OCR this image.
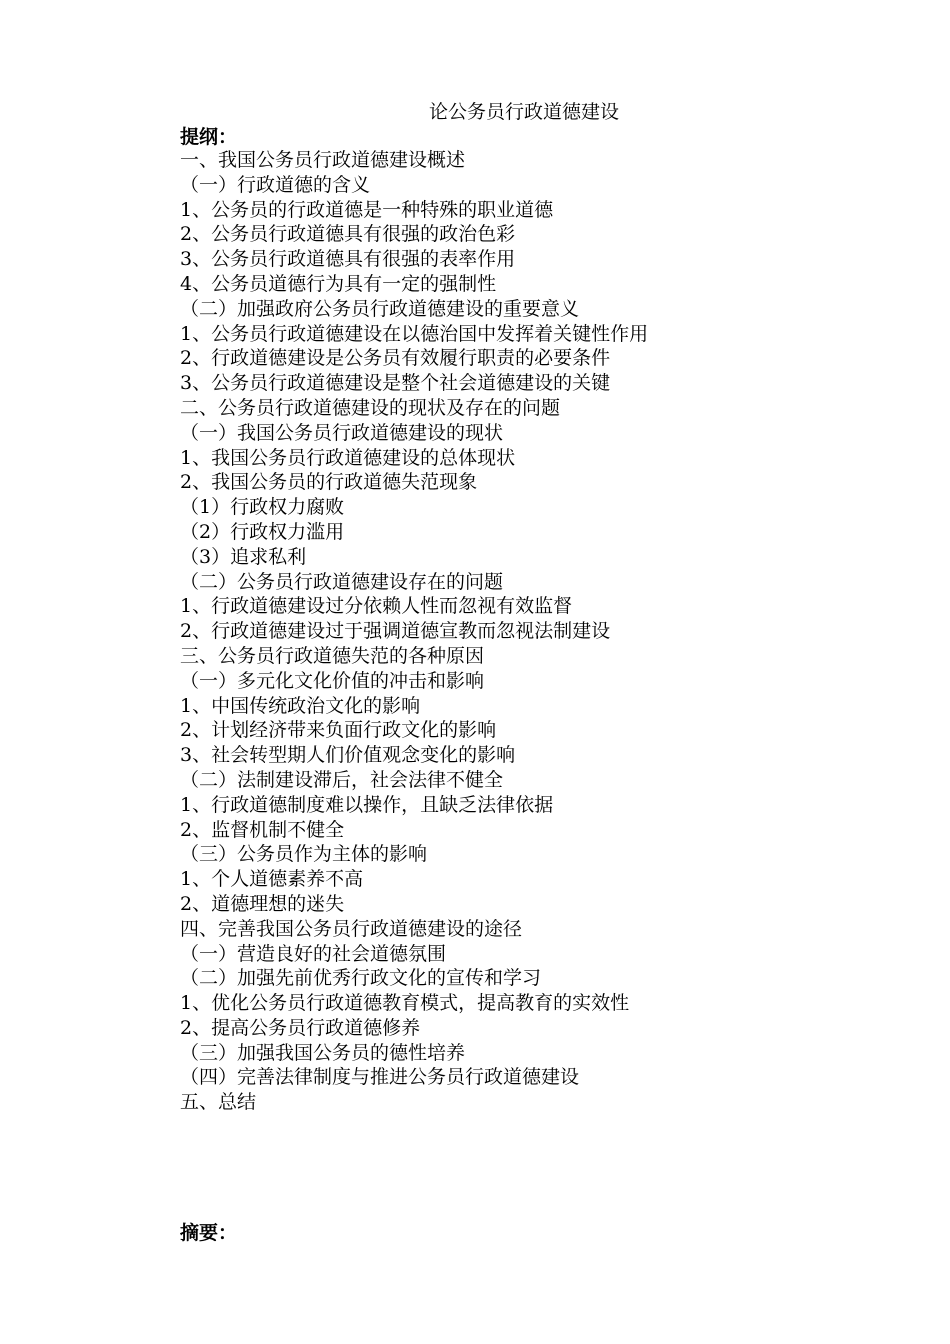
论公务员行政道德建设
提纲：
一、我国公务员行政道德建设概述
（一）行政道德的含义
1、公务员的行政道德是一种特殊的职业道德
2、公务员行政道德具有很强的政治色彩
3、公务员行政道德具有很强的表率作用
4、公务员道德行为具有一定的强制性
（二）加强政府公务员行政道德建设的重要意义
1、公务员行政道德建设在以德治国中发挥着关键性作用
2、行政道德建设是公务员有效履行职责的必要条件
3、公务员行政道德建设是整个社会道德建设的关键
二、公务员行政道德建设的现状及存在的问题
（一）我国公务员行政道德建设的现状
1、我国公务员行政道德建设的总体现状
2、我国公务员的行政道德失范现象
（1）行政权力腐败
（2）行政权力滥用
（3）追求私利
（二）公务员行政道德建设存在的问题
1、行政道德建设过分依赖人性而忽视有效监督
2、行政道德建设过于强调道德宣教而忽视法制建设
三、公务员行政道德失范的各种原因
（一）多元化文化价值的冲击和影响
1、中国传统政治文化的影响
2、计划经济带来负面行政文化的影响
3、社会转型期人们价值观念变化的影响
（二）法制建设滞后，社会法律不健全
1、行政道德制度难以操作，且缺乏法律依据
2、监督机制不健全
（三）公务员作为主体的影响
1、个人道德素养不高
2、道德理想的迷失
四、完善我国公务员行政道德建设的途径
（一）营造良好的社会道德氛围
（二）加强先前优秀行政文化的宣传和学习
1、优化公务员行政道德教育模式，提高教育的实效性
2、提高公务员行政道德修养
（三）加强我国公务员的德性培养
（四）完善法律制度与推进公务员行政道德建设
五、总结
摘要：
